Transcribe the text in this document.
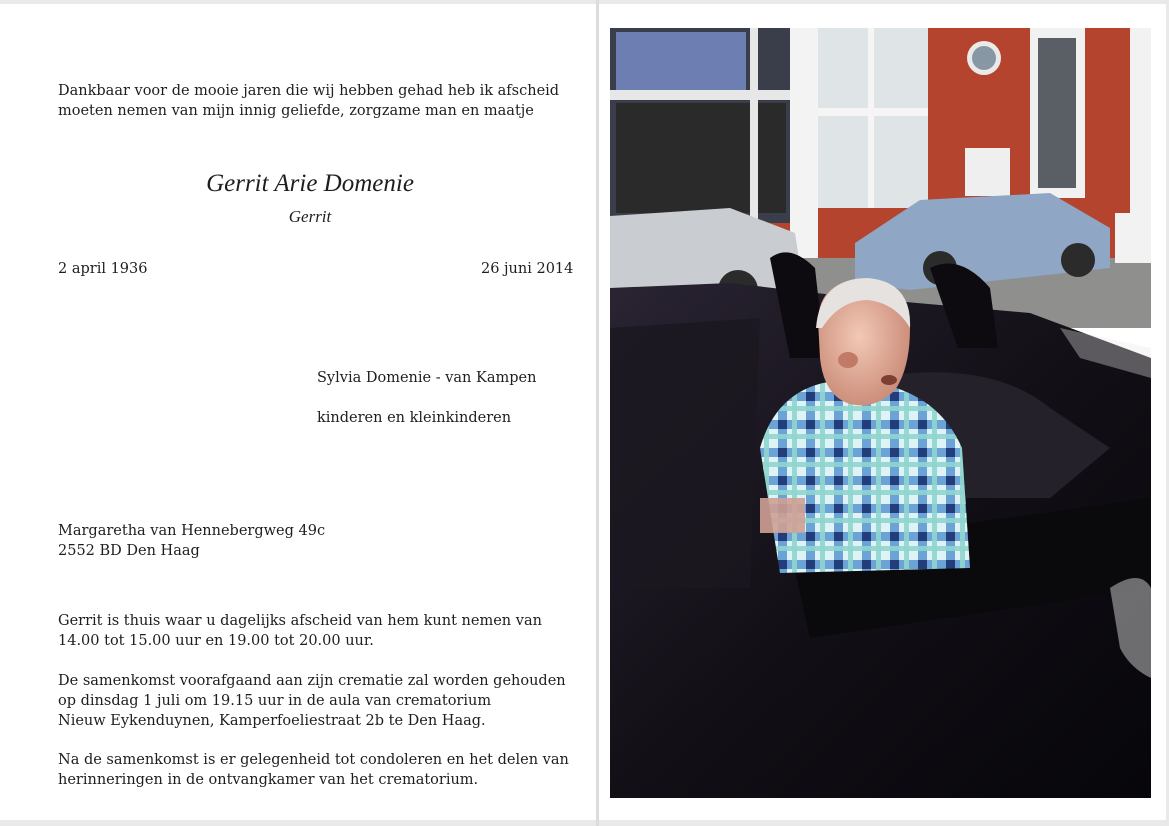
Dankbaar voor de mooie jaren die wij hebben gehad heb ik afscheid
moeten nemen van mijn innig geliefde, zorgzame man en maatje
Gerrit Arie Domenie
Gerrit
2 april 1936	26 juni 2014
Sylvia Domenie - van Kampen
kinderen en kleinkinderen
Margaretha van Hennebergweg 49c
2552 BD Den Haag
Gerrit is thuis waar u dagelijks afscheid van hem kunt nemen van
14.00 tot 15.00 uur en 19.00 tot 20.00 uur.
De samenkomst voorafgaand aan zijn crematie zal worden gehouden
op dinsdag 1 juli om 19.15 uur in de aula van crematorium
Nieuw Eykenduynen, Kamperfoeliestraat 2b te Den Haag.
Na de samenkomst is er gelegenheid tot condoleren en het delen van
herinneringen in de ontvangkamer van het crematorium.
